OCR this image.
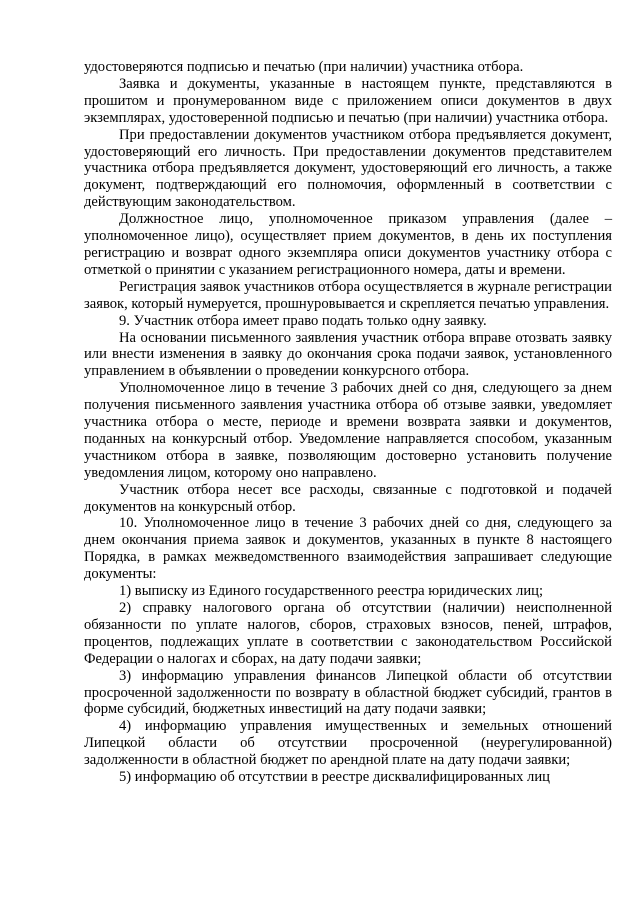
удостоверяются подписью и печатью (при наличии) участника отбора.

Заявка и документы, указанные в настоящем пункте, представляются в прошитом и пронумерованном виде с приложением описи документов в двух экземплярах, удостоверенной подписью и печатью (при наличии) участника отбора.

При предоставлении документов участником отбора предъявляется документ, удостоверяющий его личность. При предоставлении документов представителем участника отбора предъявляется документ, удостоверяющий его личность, а также документ, подтверждающий его полномочия, оформленный в соответствии с действующим законодательством.

Должностное лицо, уполномоченное приказом управления (далее – уполномоченное лицо), осуществляет прием документов, в день их поступления регистрацию и возврат одного экземпляра описи документов участнику отбора с отметкой о принятии с указанием регистрационного номера, даты и времени.

Регистрация заявок участников отбора осуществляется в журнале регистрации заявок, который нумеруется, прошнуровывается и скрепляется печатью управления.

9. Участник отбора имеет право подать только одну заявку.

На основании письменного заявления участник отбора вправе отозвать заявку или внести изменения в заявку до окончания срока подачи заявок, установленного управлением в объявлении о проведении конкурсного отбора.

Уполномоченное лицо в течение 3 рабочих дней со дня, следующего за днем получения письменного заявления участника отбора об отзыве заявки, уведомляет участника отбора о месте, периоде и времени возврата заявки и документов, поданных на конкурсный отбор. Уведомление направляется способом, указанным участником отбора в заявке, позволяющим достоверно установить получение уведомления лицом, которому оно направлено.

Участник отбора несет все расходы, связанные с подготовкой и подачей документов на конкурсный отбор.

10. Уполномоченное лицо в течение 3 рабочих дней со дня, следующего за днем окончания приема заявок и документов, указанных в пункте 8 настоящего Порядка, в рамках межведомственного взаимодействия запрашивает следующие документы:

1) выписку из Единого государственного реестра юридических лиц;

2) справку налогового органа об отсутствии (наличии) неисполненной обязанности по уплате налогов, сборов, страховых взносов, пеней, штрафов, процентов, подлежащих уплате в соответствии с законодательством Российской Федерации о налогах и сборах, на дату подачи заявки;

3) информацию управления финансов Липецкой области об отсутствии просроченной задолженности по возврату в областной бюджет субсидий, грантов в форме субсидий, бюджетных инвестиций на дату подачи заявки;

4) информацию управления имущественных и земельных отношений Липецкой области об отсутствии просроченной (неурегулированной) задолженности в областной бюджет по арендной плате на дату подачи заявки;

5) информацию об отсутствии в реестре дисквалифицированных лиц
